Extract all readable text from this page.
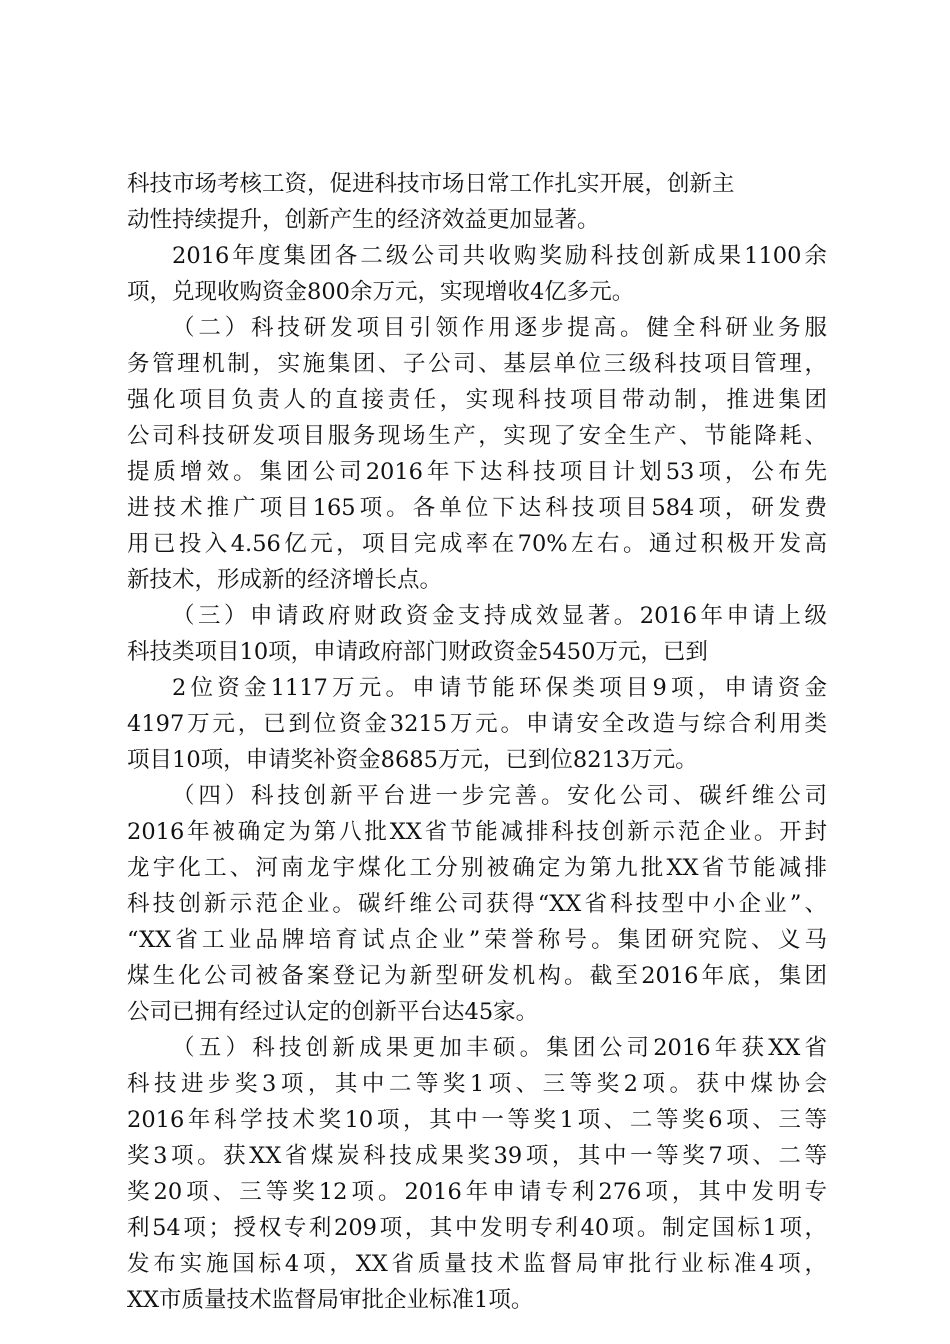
科技市场考核工资，促进科技市场日常工作扎实开展，创新主
动性持续提升，创新产生的经济效益更加显著。
2016年度集团各二级公司共收购奖励科技创新成果1100余
项，兑现收购资金800余万元，实现增收4亿多元。
（二）科技研发项目引领作用逐步提高。健全科研业务服
务管理机制，实施集团、子公司、基层单位三级科技项目管理，
强化项目负责人的直接责任，实现科技项目带动制，推进集团
公司科技研发项目服务现场生产，实现了安全生产、节能降耗、
提质增效。集团公司2016年下达科技项目计划53项，公布先
进技术推广项目165项。各单位下达科技项目584项，研发费
用已投入4.56亿元，项目完成率在70%左右。通过积极开发高
新技术，形成新的经济增长点。
（三）申请政府财政资金支持成效显著。2016年申请上级
科技类项目10项，申请政府部门财政资金5450万元，已到
2位资金1117万元。申请节能环保类项目9项，申请资金
4197万元，已到位资金3215万元。申请安全改造与综合利用类
项目10项，申请奖补资金8685万元，已到位8213万元。
（四）科技创新平台进一步完善。安化公司、碳纤维公司
2016年被确定为第八批XX省节能减排科技创新示范企业。开封
龙宇化工、河南龙宇煤化工分别被确定为第九批XX省节能减排
科技创新示范企业。碳纤维公司获得“XX省科技型中小企业”、
“XX省工业品牌培育试点企业”荣誉称号。集团研究院、义马
煤生化公司被备案登记为新型研发机构。截至2016年底，集团
公司已拥有经过认定的创新平台达45家。
（五）科技创新成果更加丰硕。集团公司2016年获XX省
科技进步奖3项，其中二等奖1项、三等奖2项。获中煤协会
2016年科学技术奖10项，其中一等奖1项、二等奖6项、三等
奖3项。获XX省煤炭科技成果奖39项，其中一等奖7项、二等
奖20项、三等奖12项。2016年申请专利276项，其中发明专
利54项；授权专利209项，其中发明专利40项。制定国标1项，
发布实施国标4项，XX省质量技术监督局审批行业标准4项，
XX市质量技术监督局审批企业标准1项。
